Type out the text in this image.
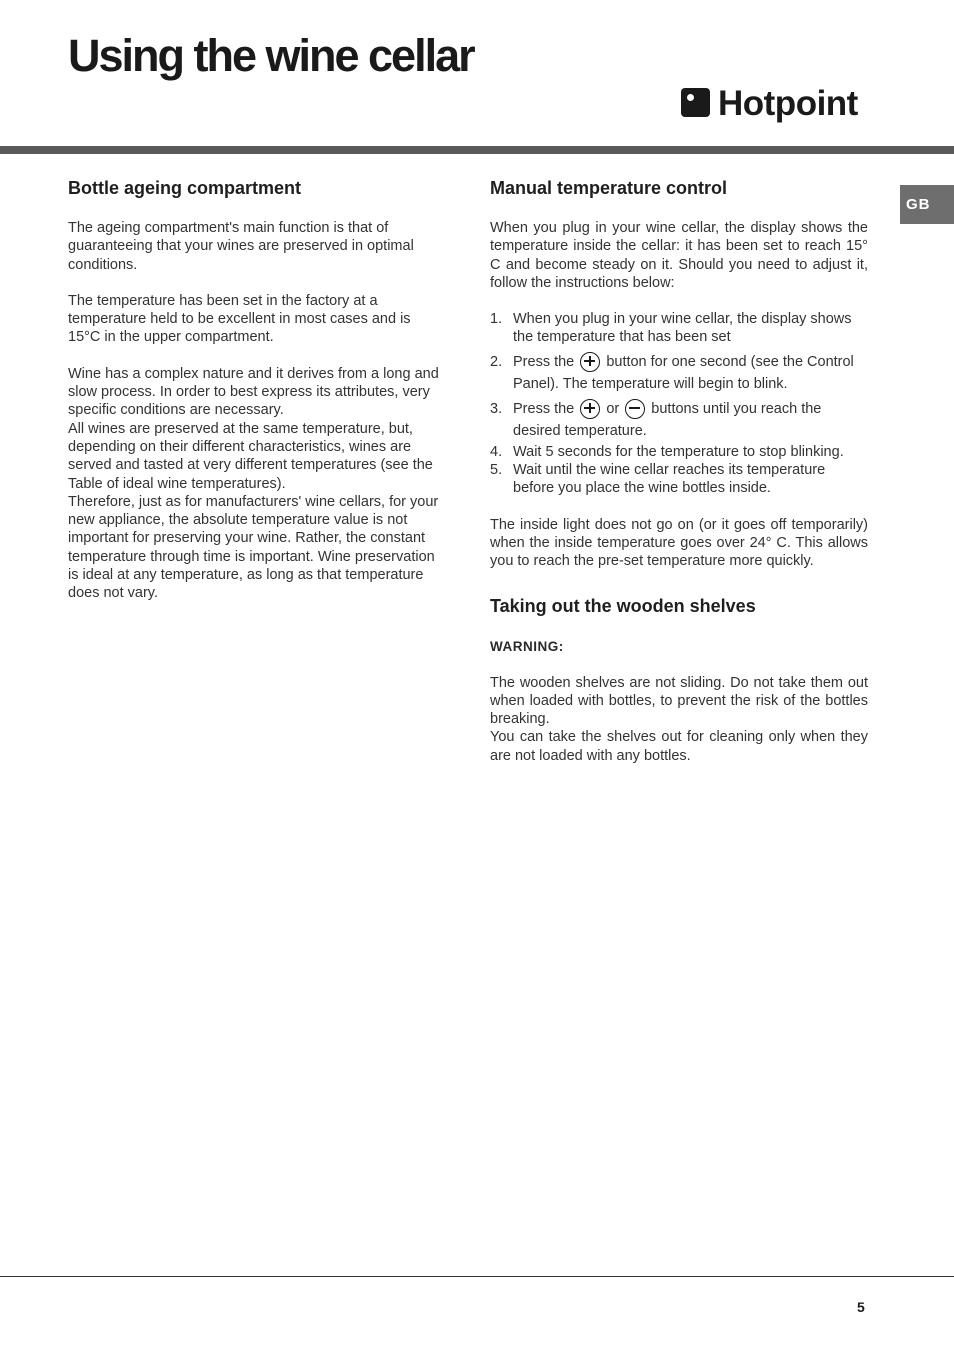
Using the wine cellar
Hotpoint
GB
Bottle ageing compartment

The ageing compartment's main function is that of guaranteeing that your wines are preserved in optimal conditions.

The temperature has been set in the factory at a temperature held to be excellent in most cases and is 15°C in the upper compartment.

Wine has a complex nature and it derives from a long and slow process. In order to best express its attributes, very specific conditions are necessary.
All wines are preserved at the same temperature, but, depending on their different characteristics, wines are served and tasted at very different temperatures (see the Table of ideal wine temperatures).
Therefore, just as for manufacturers' wine cellars, for your new appliance, the absolute temperature value is not important for preserving your wine. Rather, the constant temperature through time is important. Wine preservation is ideal at any temperature, as long as that temperature does not vary.

Manual temperature control

When you plug in your wine cellar, the display shows the temperature inside the cellar: it has been set to reach 15° C and become steady on it. Should you need to adjust it, follow the instructions below:

1. When you plug in your wine cellar, the display shows the temperature that has been set
2. Press the button for one second (see the Control Panel). The temperature will begin to blink.
3. Press the or buttons until you reach the desired temperature.
4. Wait 5 seconds for the temperature to stop blinking.
5. Wait until the wine cellar reaches its temperature before you place the wine bottles inside.

The inside light does not go on (or it goes off temporarily) when the inside temperature goes over 24° C. This allows you to reach the pre-set temperature more quickly.

Taking out the wooden shelves
WARNING:

The wooden shelves are not sliding. Do not take them out when loaded with bottles, to prevent the risk of the bottles breaking.
You can take the shelves out for cleaning only when they are not loaded with any bottles.

5
